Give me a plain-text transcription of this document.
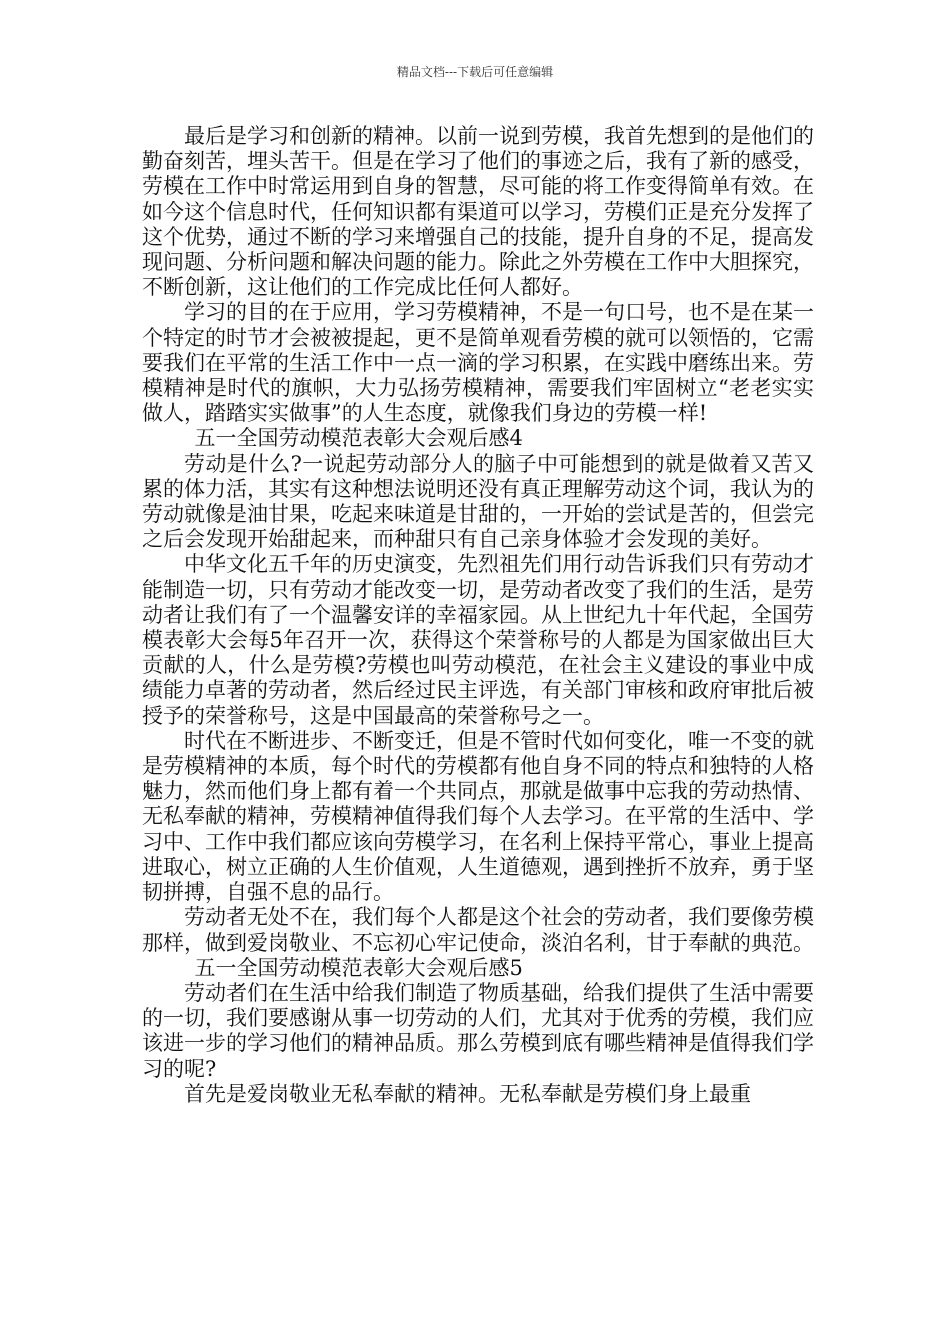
精品文档---下载后可任意编辑

最后是学习和创新的精神。以前一说到劳模，我首先想到的是他们的勤奋刻苦，埋头苦干。但是在学习了他们的事迹之后，我有了新的感受，劳模在工作中时常运用到自身的智慧，尽可能的将工作变得简单有效。在如今这个信息时代，任何知识都有渠道可以学习，劳模们正是充分发挥了这个优势，通过不断的学习来增强自己的技能，提升自身的不足，提高发现问题、分析问题和解决问题的能力。除此之外劳模在工作中大胆探究，不断创新，这让他们的工作完成比任何人都好。

学习的目的在于应用，学习劳模精神，不是一句口号，也不是在某一个特定的时节才会被被提起，更不是简单观看劳模的就可以领悟的，它需要我们在平常的生活工作中一点一滴的学习积累，在实践中磨练出来。劳模精神是时代的旗帜，大力弘扬劳模精神，需要我们牢固树立“老老实实做人，踏踏实实做事”的人生态度，就像我们身边的劳模一样!

五一全国劳动模范表彰大会观后感4

劳动是什么?一说起劳动部分人的脑子中可能想到的就是做着又苦又累的体力活，其实有这种想法说明还没有真正理解劳动这个词，我认为的劳动就像是油甘果，吃起来味道是甘甜的，一开始的尝试是苦的，但尝完之后会发现开始甜起来，而种甜只有自己亲身体验才会发现的美好。

中华文化五千年的历史演变，先烈祖先们用行动告诉我们只有劳动才能制造一切，只有劳动才能改变一切，是劳动者改变了我们的生活，是劳动者让我们有了一个温馨安详的幸福家园。从上世纪九十年代起，全国劳模表彰大会每5年召开一次，获得这个荣誉称号的人都是为国家做出巨大贡献的人，什么是劳模?劳模也叫劳动模范，在社会主义建设的事业中成绩能力卓著的劳动者，然后经过民主评选，有关部门审核和政府审批后被授予的荣誉称号，这是中国最高的荣誉称号之一。

时代在不断进步、不断变迁，但是不管时代如何变化，唯一不变的就是劳模精神的本质，每个时代的劳模都有他自身不同的特点和独特的人格魅力，然而他们身上都有着一个共同点，那就是做事中忘我的劳动热情、无私奉献的精神，劳模精神值得我们每个人去学习。在平常的生活中、学习中、工作中我们都应该向劳模学习，在名利上保持平常心，事业上提高进取心，树立正确的人生价值观，人生道德观，遇到挫折不放弃，勇于坚韧拼搏，自强不息的品行。

劳动者无处不在，我们每个人都是这个社会的劳动者，我们要像劳模那样，做到爱岗敬业、不忘初心牢记使命，淡泊名利，甘于奉献的典范。

五一全国劳动模范表彰大会观后感5

劳动者们在生活中给我们制造了物质基础，给我们提供了生活中需要的一切，我们要感谢从事一切劳动的人们，尤其对于优秀的劳模，我们应该进一步的学习他们的精神品质。那么劳模到底有哪些精神是值得我们学习的呢?

首先是爱岗敬业无私奉献的精神。无私奉献是劳模们身上最重
